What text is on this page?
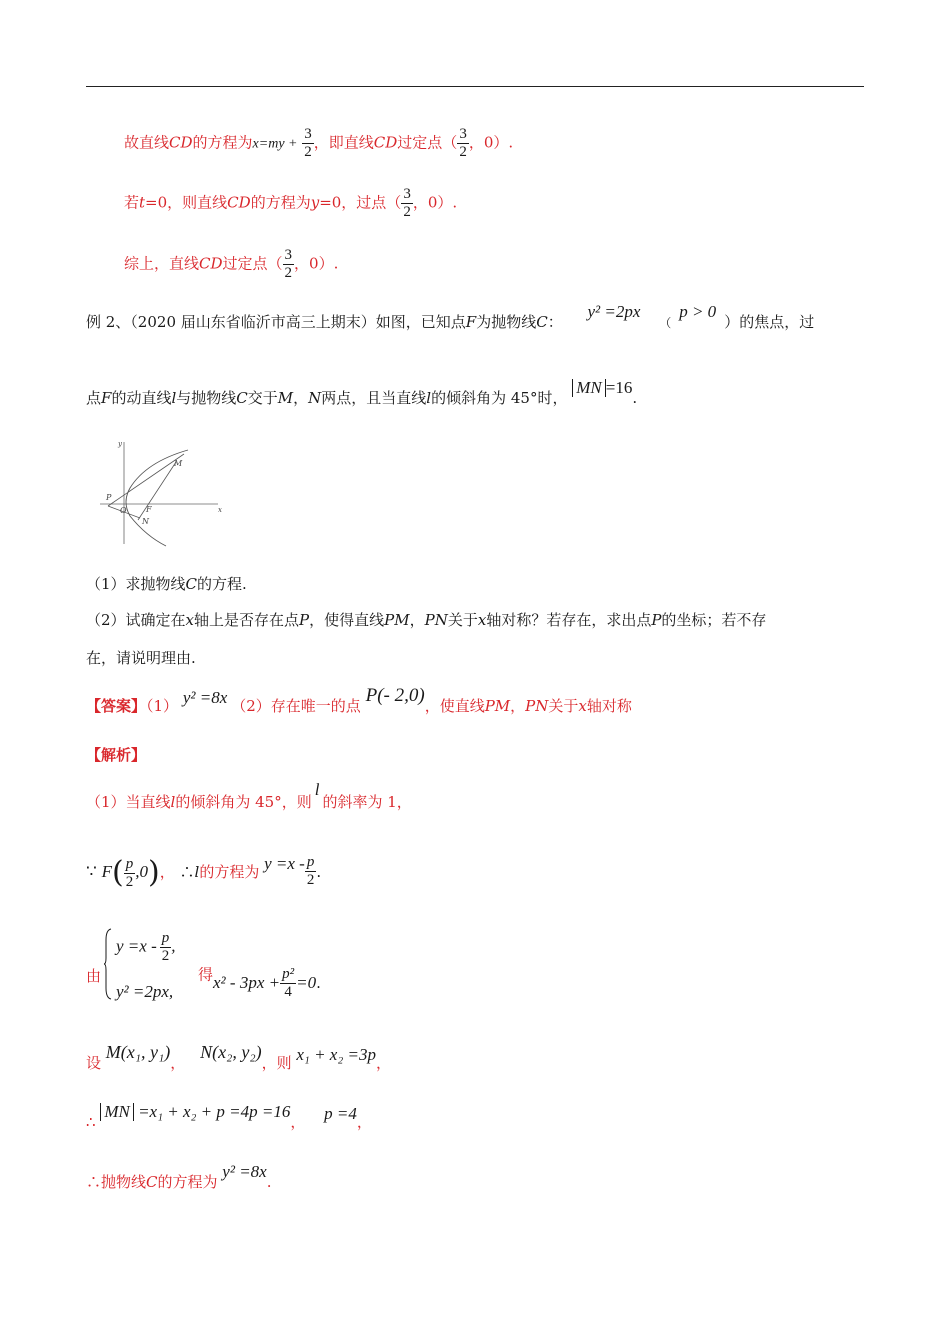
故直线CD的方程为$x=my + \frac{3}{2}$ ，即直线CD过定点（ $\frac{3}{2}$ ，0）.
若t=0，则直线CD的方程为y=0，过点（ $\frac{3}{2}$ ，0）.
综上，直线CD过定点（ $\frac{3}{2}$ ，0）.
例 2、（2020 届山东省临沂市高三上期末）如图，已知点F为抛物线C： y² =2px （p > 0）的焦点，过
点F的动直线l与抛物线C交于M，N两点，且当直线l的倾斜角为 45°时， MN =16.
y
x
M
P
O F
N
（1）求抛物线C的方程.
（2）试确定在x轴上是否存在点P，使得直线PM，PN关于x轴对称？若存在，求出点P的坐标；若不存
在，请说明理由.
【答案】（1） y² =8x （2）存在唯一的点 P(- 2,0)，使直线PM，PN关于x轴对称
【解析】
（1）当直线l的倾斜角为 45°，则l的斜率为 1，
∵ $F( \frac{p}{2} ,0)$， ∴l的方程为 $y =x - \frac{p}{2}$ .
由
$y =x - \frac{p}{2}$ ,
y² =2px,
得$x^2 - 3px + \frac{\text{p²}}{4} =0$.
设 M(x₁, y₁)， N(x₂, y₂)，则 x₁ + x₂ =3p，
∴ MN =x₁ + x₂ + p =4p =16， p =4，
∴抛物线C的方程为 y² =8x.
